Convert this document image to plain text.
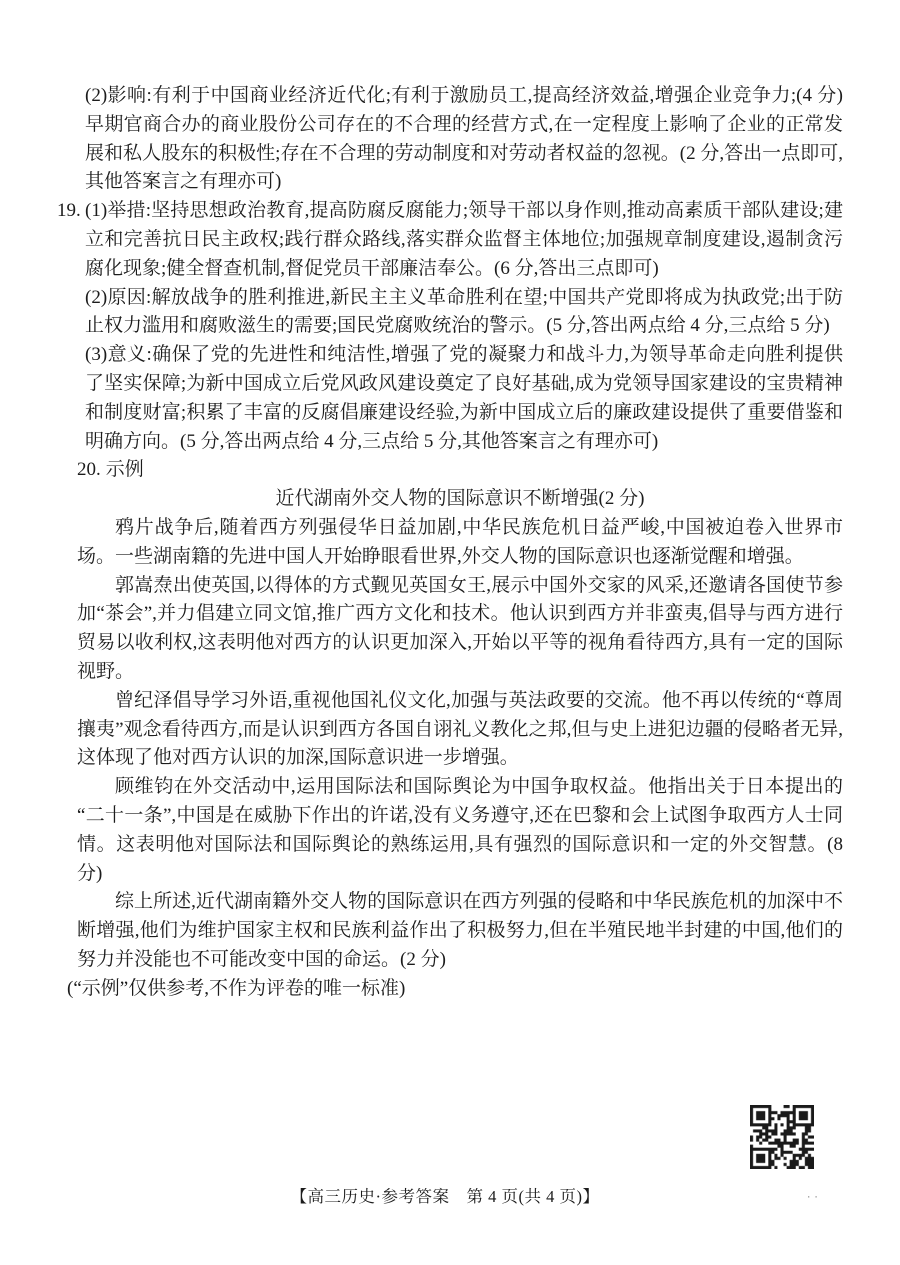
(2)影响:有利于中国商业经济近代化;有利于激励员工,提高经济效益,增强企业竞争力;(4 分)早期官商合办的商业股份公司存在的不合理的经营方式,在一定程度上影响了企业的正常发展和私人股东的积极性;存在不合理的劳动制度和对劳动者权益的忽视。(2 分,答出一点即可,其他答案言之有理亦可)

19. (1)举措:坚持思想政治教育,提高防腐反腐能力;领导干部以身作则,推动高素质干部队建设;建立和完善抗日民主政权;践行群众路线,落实群众监督主体地位;加强规章制度建设,遏制贪污腐化现象;健全督查机制,督促党员干部廉洁奉公。(6 分,答出三点即可)

(2)原因:解放战争的胜利推进,新民主主义革命胜利在望;中国共产党即将成为执政党;出于防止权力滥用和腐败滋生的需要;国民党腐败统治的警示。(5 分,答出两点给 4 分,三点给 5 分)

(3)意义:确保了党的先进性和纯洁性,增强了党的凝聚力和战斗力,为领导革命走向胜利提供了坚实保障;为新中国成立后党风政风建设奠定了良好基础,成为党领导国家建设的宝贵精神和制度财富;积累了丰富的反腐倡廉建设经验,为新中国成立后的廉政建设提供了重要借鉴和明确方向。(5 分,答出两点给 4 分,三点给 5 分,其他答案言之有理亦可)

20. 示例

近代湖南外交人物的国际意识不断增强(2 分)

鸦片战争后,随着西方列强侵华日益加剧,中华民族危机日益严峻,中国被迫卷入世界市场。一些湖南籍的先进中国人开始睁眼看世界,外交人物的国际意识也逐渐觉醒和增强。

郭嵩焘出使英国,以得体的方式觐见英国女王,展示中国外交家的风采,还邀请各国使节参加“茶会”,并力倡建立同文馆,推广西方文化和技术。他认识到西方并非蛮夷,倡导与西方进行贸易以收利权,这表明他对西方的认识更加深入,开始以平等的视角看待西方,具有一定的国际视野。

曾纪泽倡导学习外语,重视他国礼仪文化,加强与英法政要的交流。他不再以传统的“尊周攘夷”观念看待西方,而是认识到西方各国自诩礼义教化之邦,但与史上进犯边疆的侵略者无异,这体现了他对西方认识的加深,国际意识进一步增强。

顾维钧在外交活动中,运用国际法和国际舆论为中国争取权益。他指出关于日本提出的“二十一条”,中国是在威胁下作出的许诺,没有义务遵守,还在巴黎和会上试图争取西方人士同情。这表明他对国际法和国际舆论的熟练运用,具有强烈的国际意识和一定的外交智慧。(8 分)

综上所述,近代湖南籍外交人物的国际意识在西方列强的侵略和中华民族危机的加深中不断增强,他们为维护国家主权和民族利益作出了积极努力,但在半殖民地半封建的中国,他们的努力并没能也不可能改变中国的命运。(2 分)

(“示例”仅供参考,不作为评卷的唯一标准)

··
【高三历史·参考答案　第 4 页(共 4 页)】
